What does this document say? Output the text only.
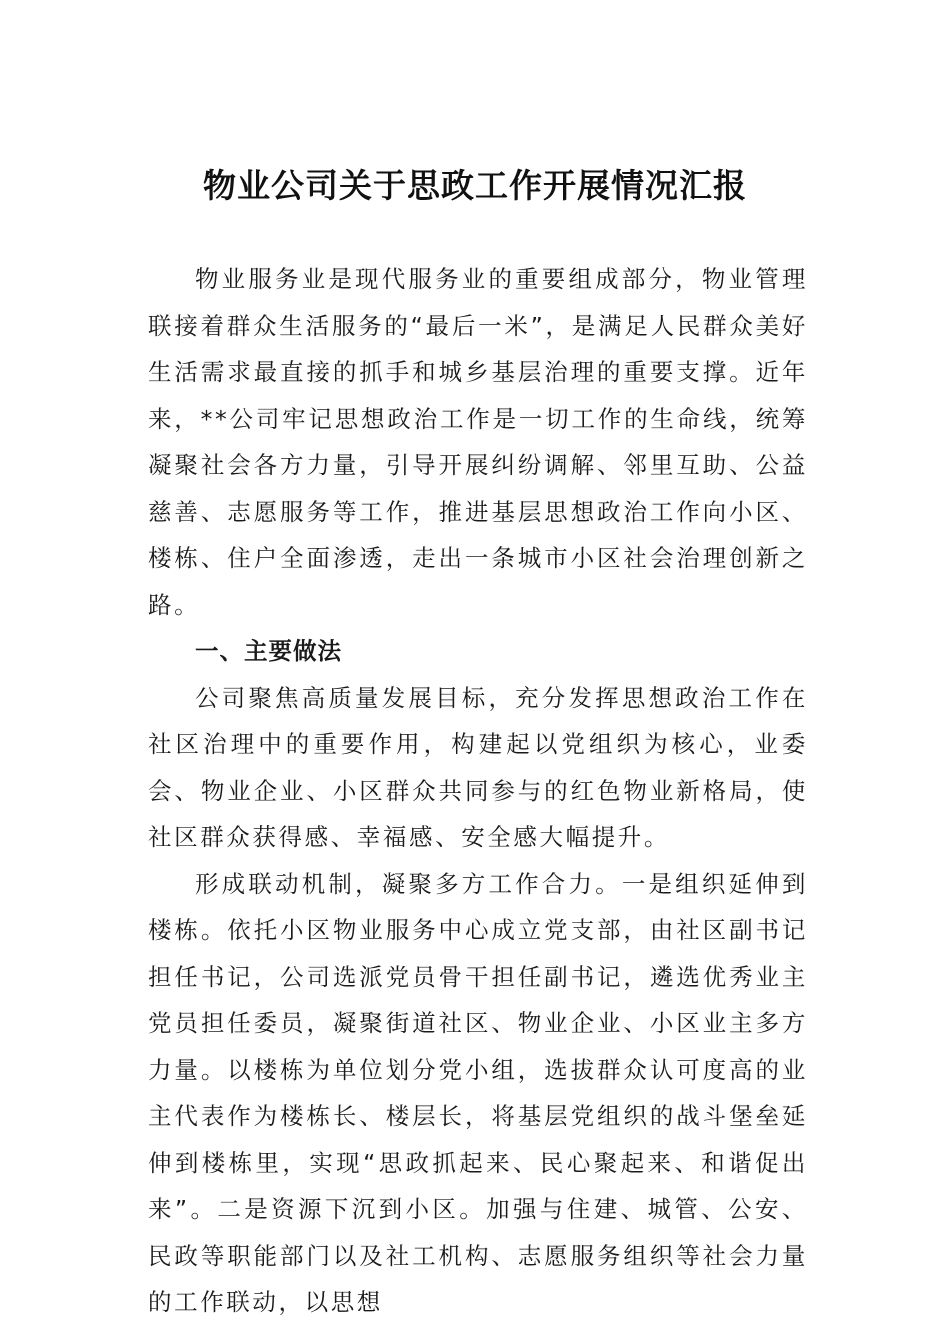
物业公司关于思政工作开展情况汇报

物业服务业是现代服务业的重要组成部分，物业管理联接着群众生活服务的“最后一米”，是满足人民群众美好生活需求最直接的抓手和城乡基层治理的重要支撑。近年来，**公司牢记思想政治工作是一切工作的生命线，统筹凝聚社会各方力量，引导开展纠纷调解、邻里互助、公益慈善、志愿服务等工作，推进基层思想政治工作向小区、楼栋、住户全面渗透，走出一条城市小区社会治理创新之路。

一、主要做法

公司聚焦高质量发展目标，充分发挥思想政治工作在社区治理中的重要作用，构建起以党组织为核心，业委会、物业企业、小区群众共同参与的红色物业新格局，使社区群众获得感、幸福感、安全感大幅提升。

形成联动机制，凝聚多方工作合力。一是组织延伸到楼栋。依托小区物业服务中心成立党支部，由社区副书记担任书记，公司选派党员骨干担任副书记，遴选优秀业主党员担任委员，凝聚街道社区、物业企业、小区业主多方力量。以楼栋为单位划分党小组，选拔群众认可度高的业主代表作为楼栋长、楼层长，将基层党组织的战斗堡垒延伸到楼栋里，实现“思政抓起来、民心聚起来、和谐促出来”。二是资源下沉到小区。加强与住建、城管、公安、民政等职能部门以及社工机构、志愿服务组织等社会力量的工作联动，以思想
